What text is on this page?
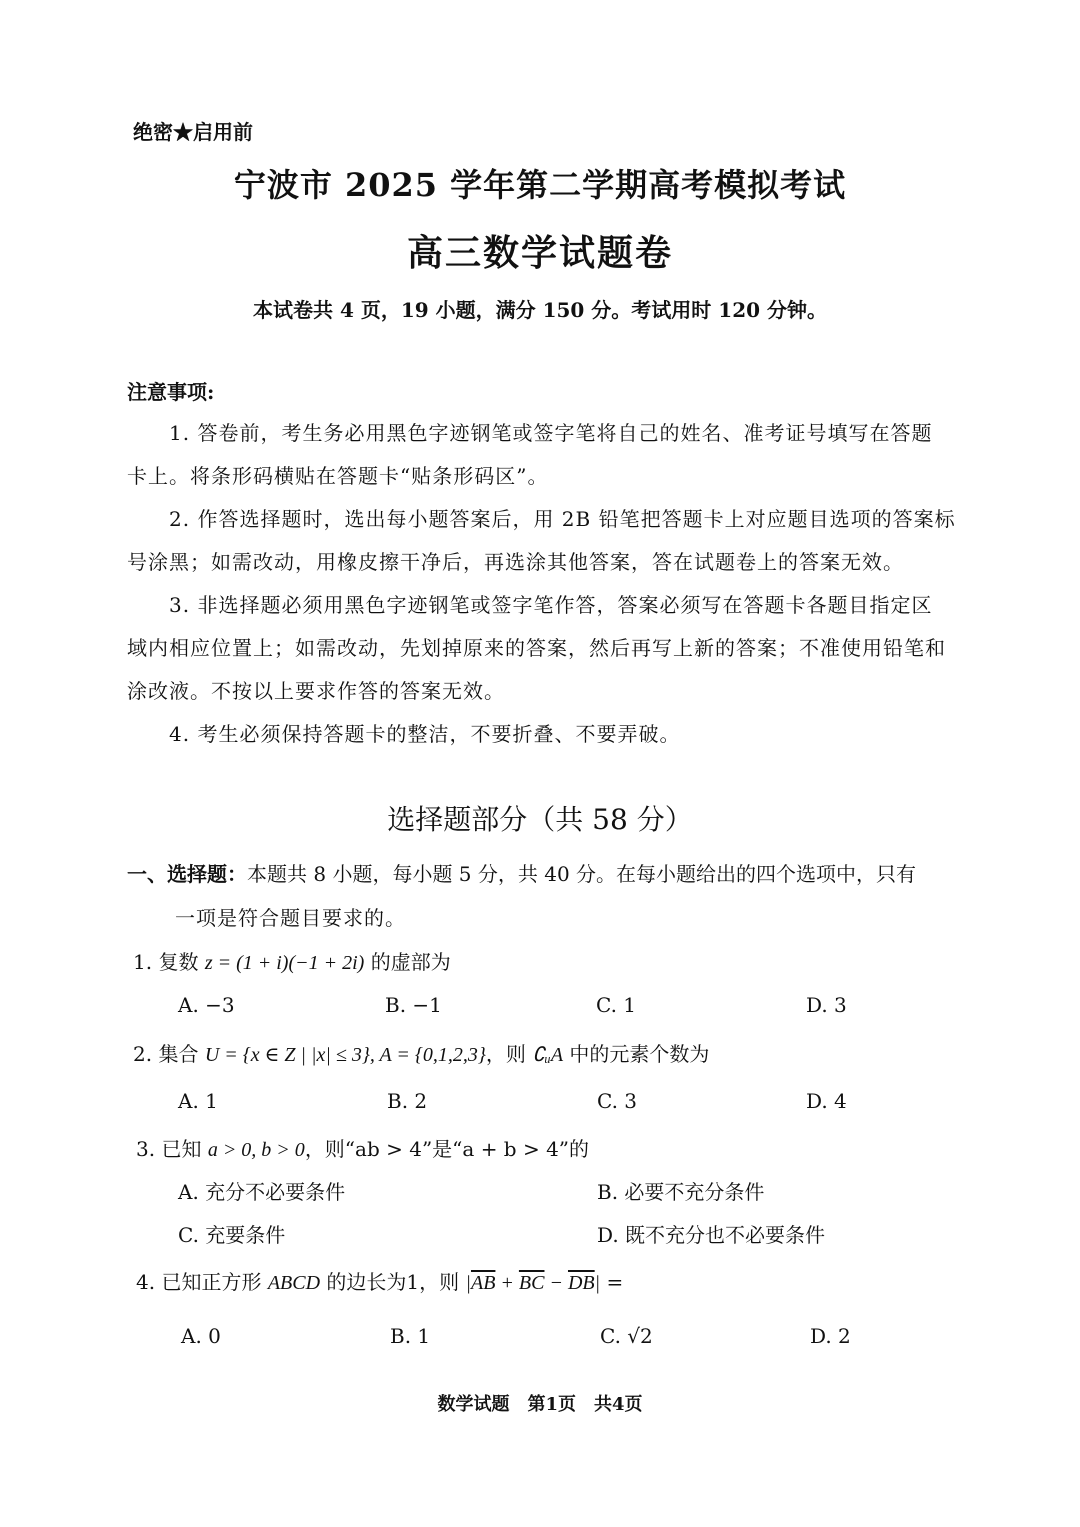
绝密★启用前
宁波市 2025 学年第二学期高考模拟考试
高三数学试题卷
本试卷共 4 页，19 小题，满分 150 分。考试用时 120 分钟。
注意事项:
1. 答卷前，考生务必用黑色字迹钢笔或签字笔将自己的姓名、准考证号填写在答题
卡上。将条形码横贴在答题卡“贴条形码区”。
2. 作答选择题时，选出每小题答案后，用 2B 铅笔把答题卡上对应题目选项的答案标
号涂黑；如需改动，用橡皮擦干净后，再选涂其他答案，答在试题卷上的答案无效。
3. 非选择题必须用黑色字迹钢笔或签字笔作答，答案必须写在答题卡各题目指定区
域内相应位置上；如需改动，先划掉原来的答案，然后再写上新的答案；不准使用铅笔和
涂改液。不按以上要求作答的答案无效。
4. 考生必须保持答题卡的整洁，不要折叠、不要弄破。
选择题部分（共 58 分）
一、选择题：本题共 8 小题，每小题 5 分，共 40 分。在每小题给出的四个选项中，只有
一项是符合题目要求的。
1. 复数 z = (1 + i)(−1 + 2i) 的虚部为
A. −3	B. −1	C. 1	D. 3
2. 集合 U = {x ∈ Z | |x| ≤ 3}, A = {0,1,2,3}，则 ∁ᵤA 中的元素个数为
A. 1	B. 2	C. 3	D. 4
3. 已知 a > 0, b > 0，则“ab > 4”是“a + b > 4”的
A. 充分不必要条件	B. 必要不充分条件
C. 充要条件	D. 既不充分也不必要条件
4. 已知正方形 ABCD 的边长为1，则 $|\overline{AB} + \overline{BC} - \overline{DB}|$ =
A. 0	B. 1	C. √2	D. 2
数学试题　第1页　共4页
